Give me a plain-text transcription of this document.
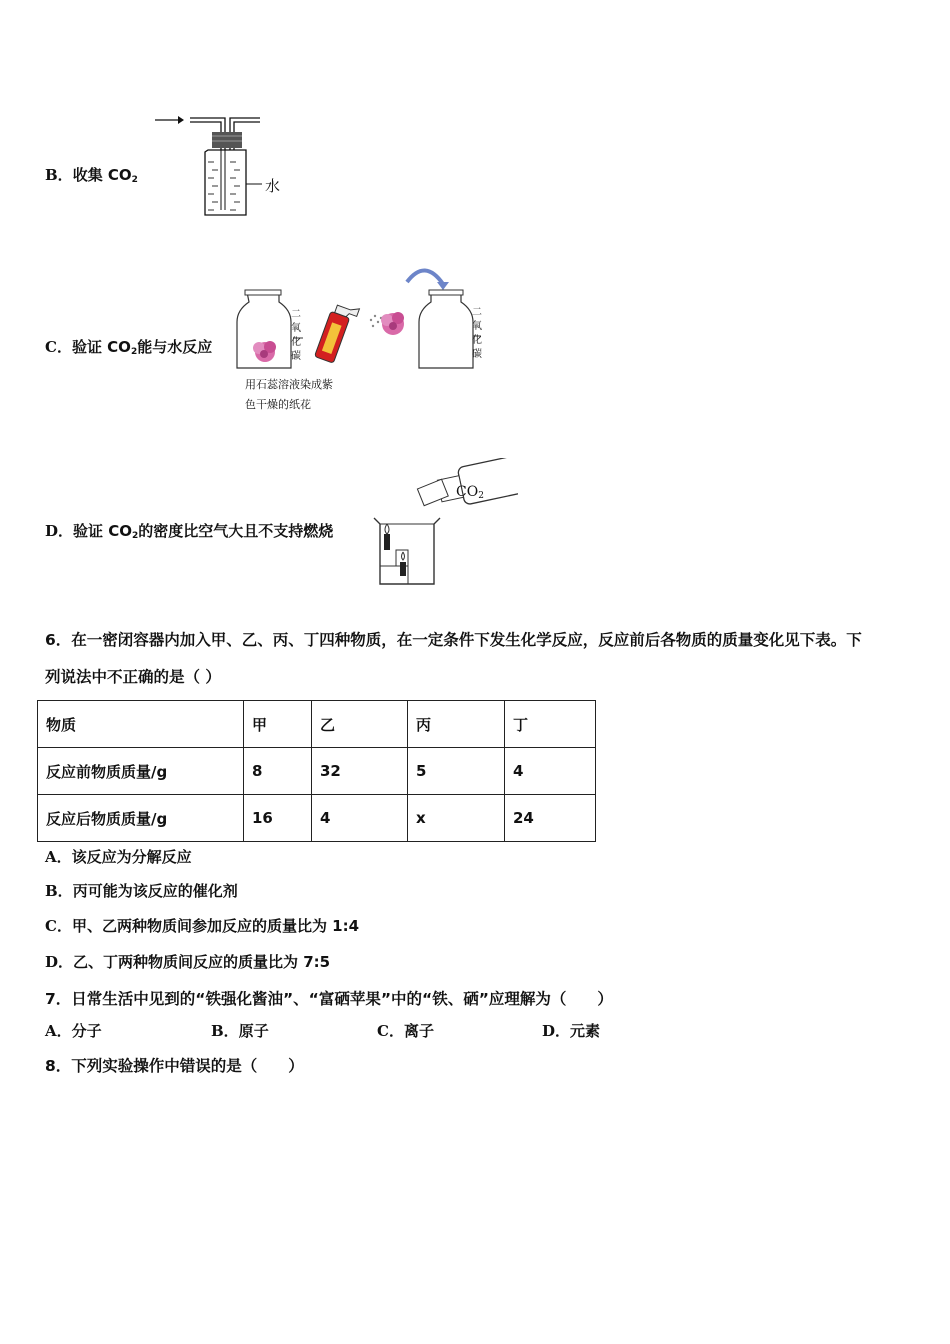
B．收集 $CO_2$	水
C．验证 $CO_2$能与水反应
二
氧
化
碳
二
氧
化
碳
用石蕊溶液染成紫
色干燥的纸花
D．验证 $CO_2$的密度比空气大且不支持燃烧
$CO_2$
6．在一密闭容器内加入甲、乙、丙、丁四种物质，在一定条件下发生化学反应，反应前后各物质的质量变化见下表。下
列说法中不正确的是（ ）
物质	甲	乙	丙	丁
反应前物质质量/g	8	32	5	4
反应后物质质量/g	16	4	x	24
A．该反应为分解反应
B．丙可能为该反应的催化剂
C．甲、乙两种物质间参加反应的质量比为 1:4
D．乙、丁两种物质间反应的质量比为 7:5
7．日常生活中见到的“铁强化酱油”、“富硒苹果”中的“铁、硒”应理解为（　　）
A．分子	B．原子	C．离子	D．元素
8．下列实验操作中错误的是（　　）
